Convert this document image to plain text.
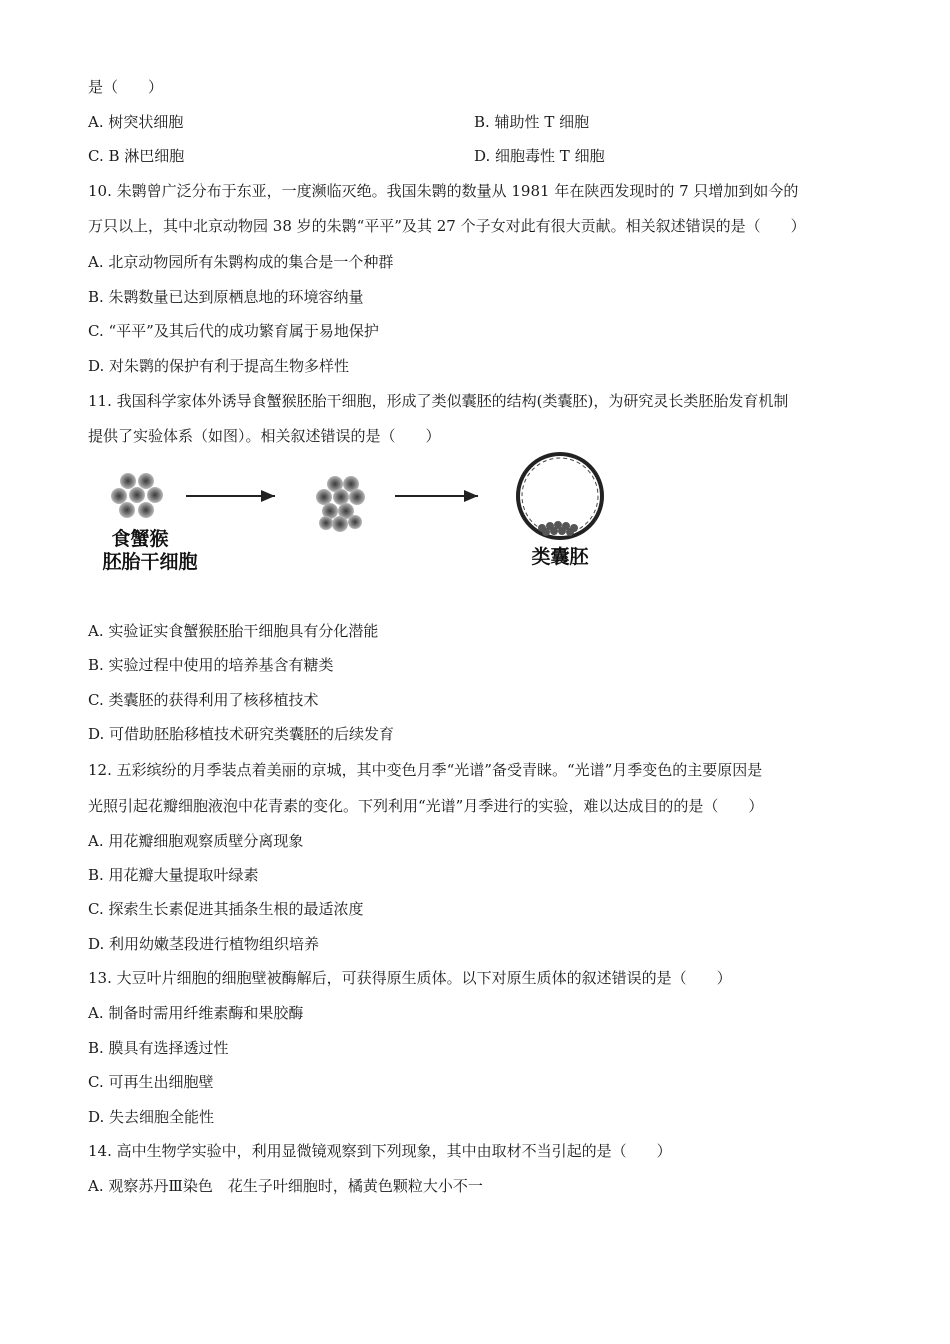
是（　　）
A. 树突状细胞	B. 辅助性 T 细胞
C. B 淋巴细胞	D. 细胞毒性 T 细胞
10. 朱鹮曾广泛分布于东亚，一度濒临灭绝。我国朱鹮的数量从 1981 年在陕西发现时的 7 只增加到如今的
万只以上，其中北京动物园 38 岁的朱鹮“平平”及其 27 个子女对此有很大贡献。相关叙述错误的是（　　）
A. 北京动物园所有朱鹮构成的集合是一个种群
B. 朱鹮数量已达到原栖息地的环境容纳量
C. “平平”及其后代的成功繁育属于易地保护
D. 对朱鹮的保护有利于提高生物多样性
11. 我国科学家体外诱导食蟹猴胚胎干细胞，形成了类似囊胚的结构(类囊胚)，为研究灵长类胚胎发育机制
提供了实验体系（如图）。相关叙述错误的是（　　）
食蟹猴
胚胎干细胞	类囊胚
A. 实验证实食蟹猴胚胎干细胞具有分化潜能
B. 实验过程中使用的培养基含有糖类
C. 类囊胚的获得利用了核移植技术
D. 可借助胚胎移植技术研究类囊胚的后续发育
12. 五彩缤纷的月季装点着美丽的京城，其中变色月季“光谱”备受青睐。“光谱”月季变色的主要原因是
光照引起花瓣细胞液泡中花青素的变化。下列利用“光谱”月季进行的实验，难以达成目的的是（　　）
A. 用花瓣细胞观察质壁分离现象
B. 用花瓣大量提取叶绿素
C. 探索生长素促进其插条生根的最适浓度
D. 利用幼嫩茎段进行植物组织培养
13. 大豆叶片细胞的细胞壁被酶解后，可获得原生质体。以下对原生质体的叙述错误的是（　　）
A. 制备时需用纤维素酶和果胶酶
B. 膜具有选择透过性
C. 可再生出细胞壁
D. 失去细胞全能性
14. 高中生物学实验中，利用显微镜观察到下列现象，其中由取材不当引起的是（　　）
A. 观察苏丹Ⅲ染色　花生子叶细胞时，橘黄色颗粒大小不一
